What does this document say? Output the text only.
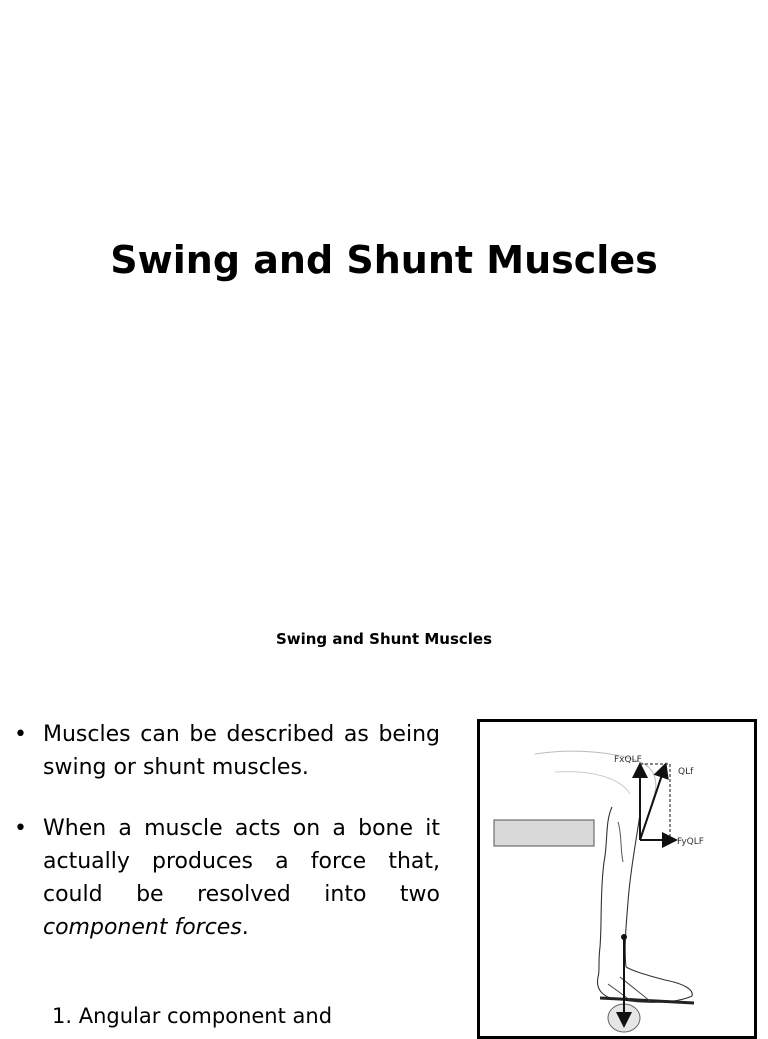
Swing and Shunt Muscles
Swing and Shunt Muscles
• Muscles can be described as being swing or shunt muscles.
• When a muscle acts on a bone it actually produces a force that, could be resolved into two component forces.
1. Angular component and
FxQLF
QLf
FyQLF
